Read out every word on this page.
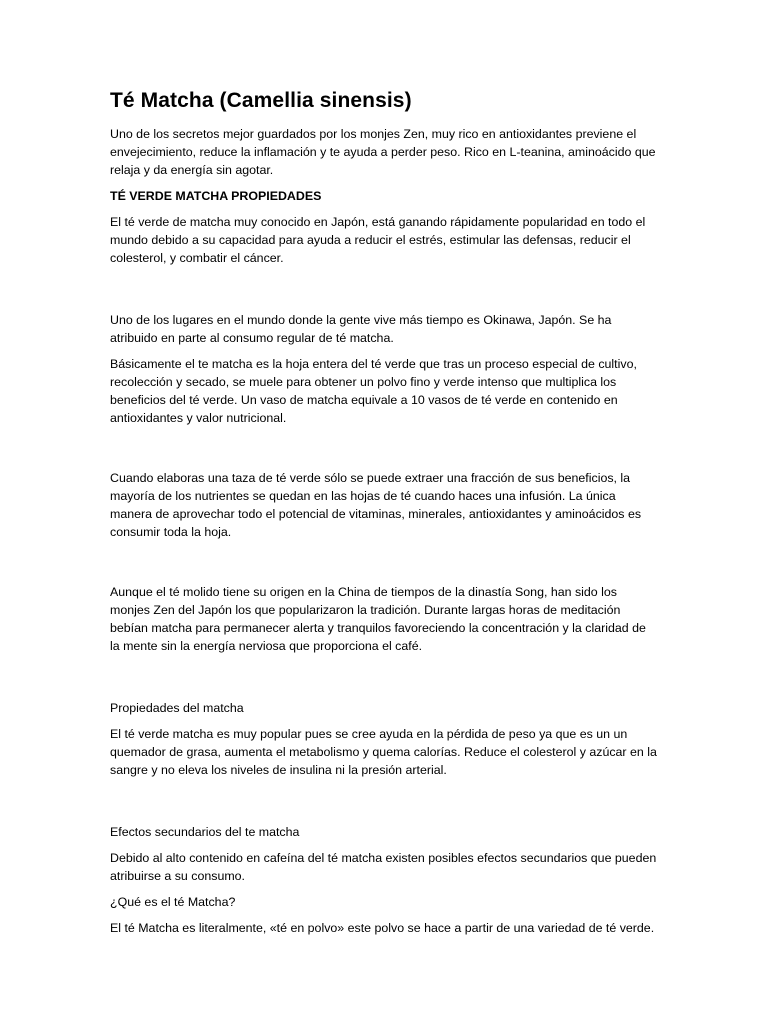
Té Matcha (Camellia sinensis)

Uno de los secretos mejor guardados por los monjes Zen, muy rico en antioxidantes previene el envejecimiento, reduce la inflamación y te ayuda a perder peso. Rico en L-teanina, aminoácido que relaja y da energía sin agotar.

TÉ VERDE MATCHA PROPIEDADES

El té verde de matcha muy conocido en Japón, está ganando rápidamente popularidad en todo el mundo debido a su capacidad para ayuda a reducir el estrés, estimular las defensas, reducir el colesterol, y combatir el cáncer.

Uno de los lugares en el mundo donde la gente vive más tiempo es Okinawa, Japón. Se ha atribuido en parte al consumo regular de té matcha.

Básicamente el te matcha es la hoja entera del té verde que tras un proceso especial de cultivo, recolección y secado, se muele para obtener un polvo fino y verde intenso que multiplica los beneficios del té verde. Un vaso de matcha equivale a 10 vasos de té verde en contenido en antioxidantes y valor nutricional.

Cuando elaboras una taza de té verde sólo se puede extraer una fracción de sus beneficios, la mayoría de los nutrientes se quedan en las hojas de té cuando haces una infusión. La única manera de aprovechar todo el potencial de vitaminas, minerales, antioxidantes y aminoácidos es consumir toda la hoja.

Aunque el té molido tiene su origen en la China de tiempos de la dinastía Song, han sido los monjes Zen del Japón los que popularizaron la tradición. Durante largas horas de meditación bebían matcha para permanecer alerta y tranquilos favoreciendo la concentración y la claridad de la mente sin la energía nerviosa que proporciona el café.

Propiedades del matcha

El té verde matcha es muy popular pues se cree ayuda en la pérdida de peso ya que es un un quemador de grasa, aumenta el metabolismo y quema calorías. Reduce el colesterol y azúcar en la sangre y no eleva los niveles de insulina ni la presión arterial.

Efectos secundarios del te matcha

Debido al alto contenido en cafeína del té matcha existen posibles efectos secundarios que pueden atribuirse a su consumo.

¿Qué es el té Matcha?

El té Matcha es literalmente, «té en polvo» este polvo se hace a partir de una variedad de té verde.
